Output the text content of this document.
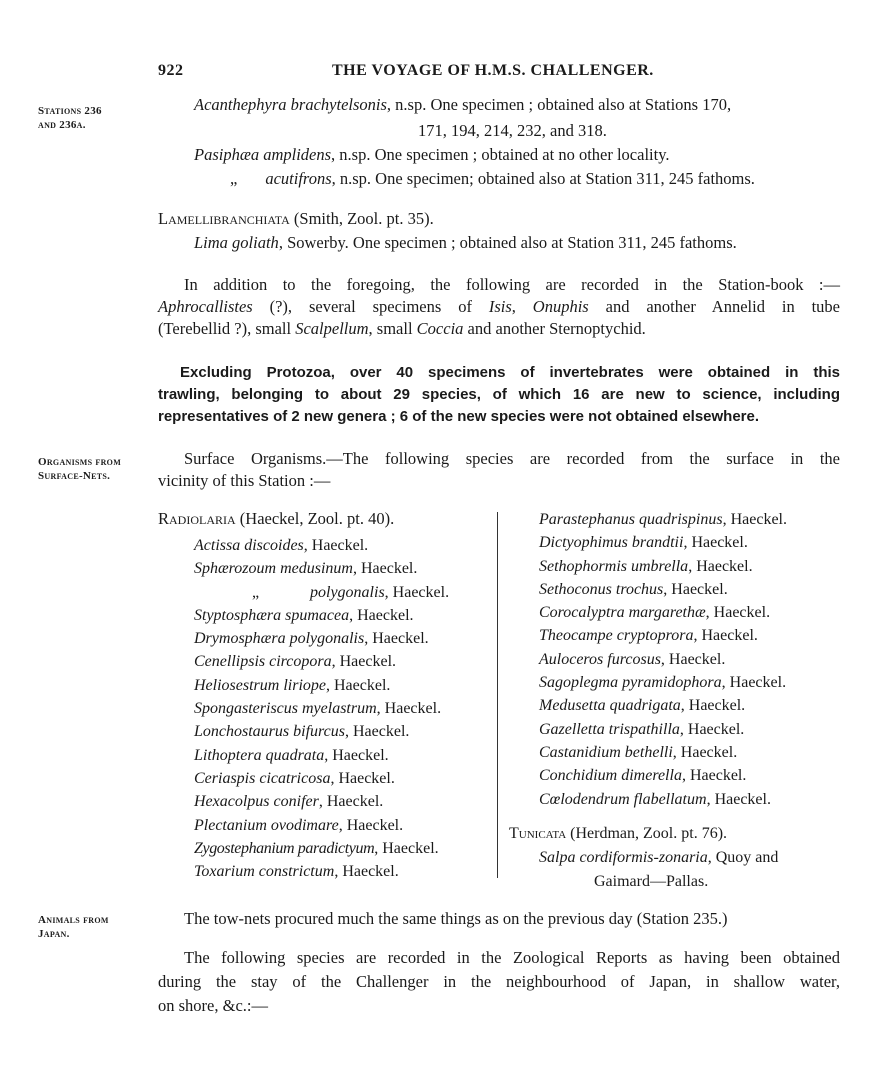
922	THE VOYAGE OF H.M.S. CHALLENGER.
Stations 236
and 236a.
Acanthephyra brachytelsonis, n.sp. One specimen ; obtained also at Stations 170,
171, 194, 214, 232, and 318.
Pasiphæa amplidens, n.sp. One specimen ; obtained at no other locality.
„ acutifrons, n.sp. One specimen; obtained also at Station 311, 245 fathoms.
Lamellibranchiata (Smith, Zool. pt. 35).
Lima goliath, Sowerby. One specimen ; obtained also at Station 311, 245 fathoms.
In addition to the foregoing, the following are recorded in the Station-book :—
Aphrocallistes (?), several specimens of Isis, Onuphis and another Annelid in tube
(Terebellid ?), small Scalpellum, small Coccia and another Sternoptychid.
Excluding Protozoa, over 40 specimens of invertebrates were obtained in this
trawling, belonging to about 29 species, of which 16 are new to science, including
representatives of 2 new genera ; 6 of the new species were not obtained elsewhere.
Organisms from
Surface-Nets.
Surface Organisms.—The following species are recorded from the surface in the
vicinity of this Station :—
Radiolaria (Haeckel, Zool. pt. 40).
Actissa discoides, Haeckel.
Sphærozoum medusinum, Haeckel.
„	polygonalis, Haeckel.
Styptosphæra spumacea, Haeckel.
Drymosphæra polygonalis, Haeckel.
Cenellipsis circopora, Haeckel.
Heliosestrum liriope, Haeckel.
Spongasteriscus myelastrum, Haeckel.
Lonchostaurus bifurcus, Haeckel.
Lithoptera quadrata, Haeckel.
Ceriaspis cicatricosa, Haeckel.
Hexacolpus conifer, Haeckel.
Plectanium ovodimare, Haeckel.
Zygostephanium paradictyum, Haeckel.
Toxarium constrictum, Haeckel.
Parastephanus quadrispinus, Haeckel.
Dictyophimus brandtii, Haeckel.
Sethophormis umbrella, Haeckel.
Sethoconus trochus, Haeckel.
Corocalyptra margarethæ, Haeckel.
Theocampe cryptoprora, Haeckel.
Auloceros furcosus, Haeckel.
Sagoplegma pyramidophora, Haeckel.
Medusetta quadrigata, Haeckel.
Gazelletta trispathilla, Haeckel.
Castanidium bethelli, Haeckel.
Conchidium dimerella, Haeckel.
Cœlodendrum flabellatum, Haeckel.
Tunicata (Herdman, Zool. pt. 76).
Salpa cordiformis-zonaria, Quoy and
Gaimard—Pallas.
Animals from
Japan.
The tow-nets procured much the same things as on the previous day (Station 235.)
The following species are recorded in the Zoological Reports as having been obtained
during the stay of the Challenger in the neighbourhood of Japan, in shallow water,
on shore, &c.:—
